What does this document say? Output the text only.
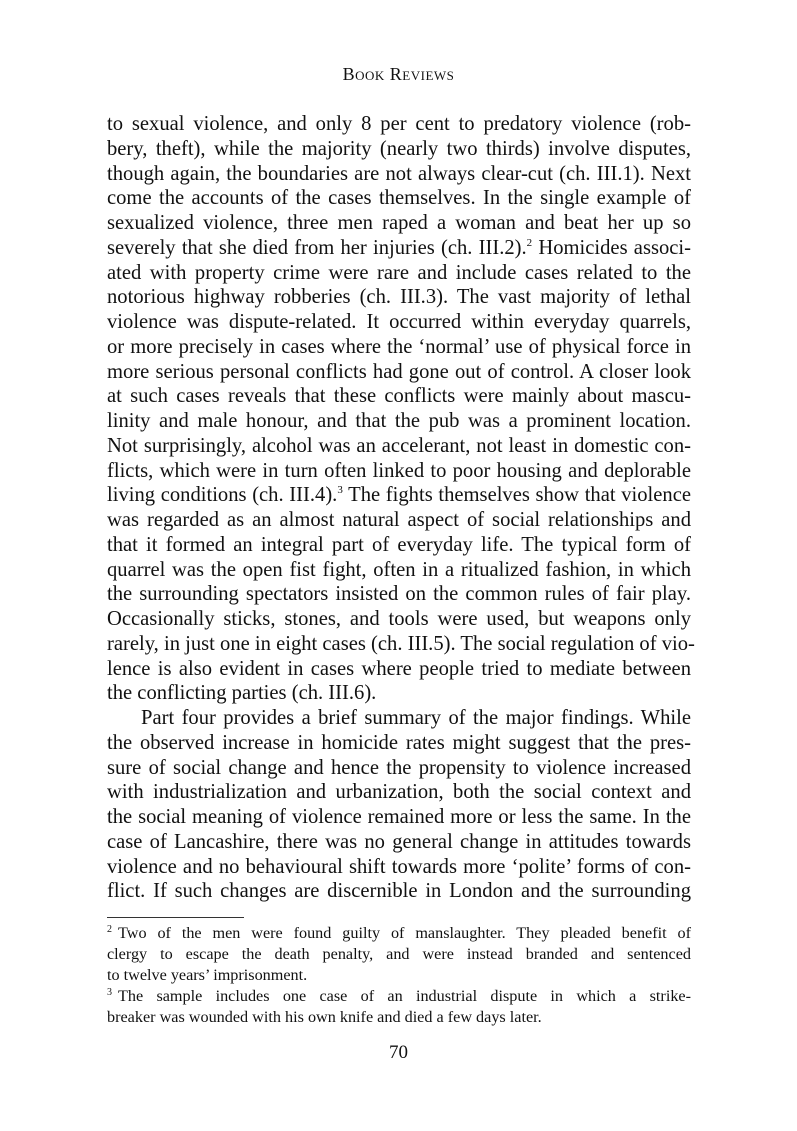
Book Reviews
to sexual violence, and only 8 per cent to predatory violence (rob-
bery, theft), while the majority (nearly two thirds) involve disputes,
though again, the boundaries are not always clear-cut (ch. III.1). Next
come the accounts of the cases themselves. In the single example of
sexualized violence, three men raped a woman and beat her up so
severely that she died from her injuries (ch. III.2).$^2$ Homicides associ-
ated with property crime were rare and include cases related to the
notorious highway robberies (ch. III.3). The vast majority of lethal
violence was dispute-related. It occurred within everyday quarrels,
or more precisely in cases where the ‘normal’ use of physical force in
more serious personal conflicts had gone out of control. A closer look
at such cases reveals that these conflicts were mainly about mascu-
linity and male honour, and that the pub was a prominent location.
Not surprisingly, alcohol was an accelerant, not least in domestic con-
flicts, which were in turn often linked to poor housing and deplorable
living conditions (ch. III.4).$^3$ The fights themselves show that violence
was regarded as an almost natural aspect of social relationships and
that it formed an integral part of everyday life. The typical form of
quarrel was the open fist fight, often in a ritualized fashion, in which
the surrounding spectators insisted on the common rules of fair play.
Occasionally sticks, stones, and tools were used, but weapons only
rarely, in just one in eight cases (ch. III.5). The social regulation of vio-
lence is also evident in cases where people tried to mediate between
the conflicting parties (ch. III.6).
Part four provides a brief summary of the major findings. While
the observed increase in homicide rates might suggest that the pres-
sure of social change and hence the propensity to violence increased
with industrialization and urbanization, both the social context and
the social meaning of violence remained more or less the same. In the
case of Lancashire, there was no general change in attitudes towards
violence and no behavioural shift towards more ‘polite’ forms of con-
flict. If such changes are discernible in London and the surrounding
$^2$ Two of the men were found guilty of manslaughter. They pleaded benefit of
clergy to escape the death penalty, and were instead branded and sentenced
to twelve years’ imprisonment.
$^3$ The sample includes one case of an industrial dispute in which a strike-
breaker was wounded with his own knife and died a few days later.
70
